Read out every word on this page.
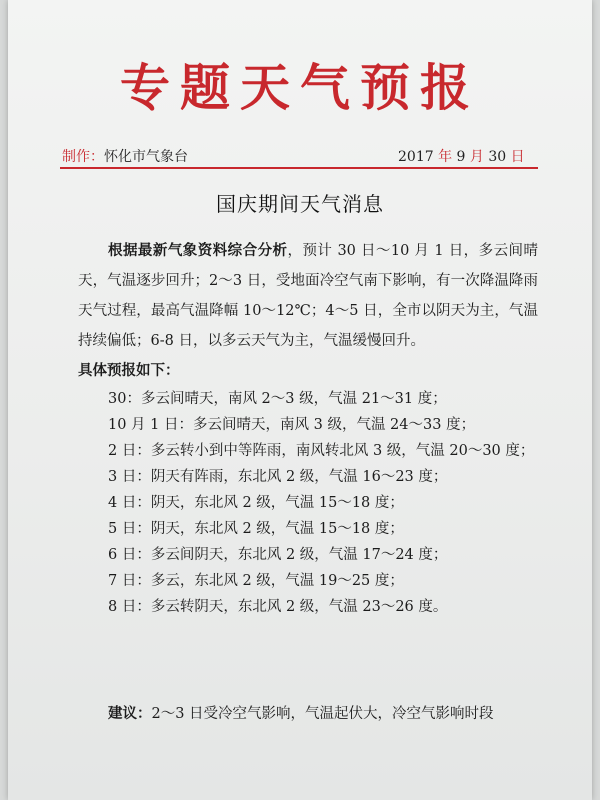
专题天气预报
制作：怀化市气象台	2017 年 9 月 30 日
国庆期间天气消息
根据最新气象资料综合分析，预计 30 日～10 月 1 日，多云间晴天，气温逐步回升；2～3 日，受地面冷空气南下影响，有一次降温降雨天气过程，最高气温降幅 10～12℃；4～5 日，全市以阴天为主，气温持续偏低；6-8 日，以多云天气为主，气温缓慢回升。
具体预报如下：
30：多云间晴天，南风 2～3 级，气温 21～31 度；
10 月 1 日：多云间晴天，南风 3 级，气温 24～33 度；
2 日：多云转小到中等阵雨，南风转北风 3 级，气温 20～30 度；
3 日：阴天有阵雨，东北风 2 级，气温 16～23 度；
4 日：阴天，东北风 2 级，气温 15～18 度；
5 日：阴天，东北风 2 级，气温 15～18 度；
6 日：多云间阴天，东北风 2 级，气温 17～24 度；
7 日：多云，东北风 2 级，气温 19～25 度；
8 日：多云转阴天，东北风 2 级，气温 23～26 度。
建议：2～3 日受冷空气影响，气温起伏大，冷空气影响时段
